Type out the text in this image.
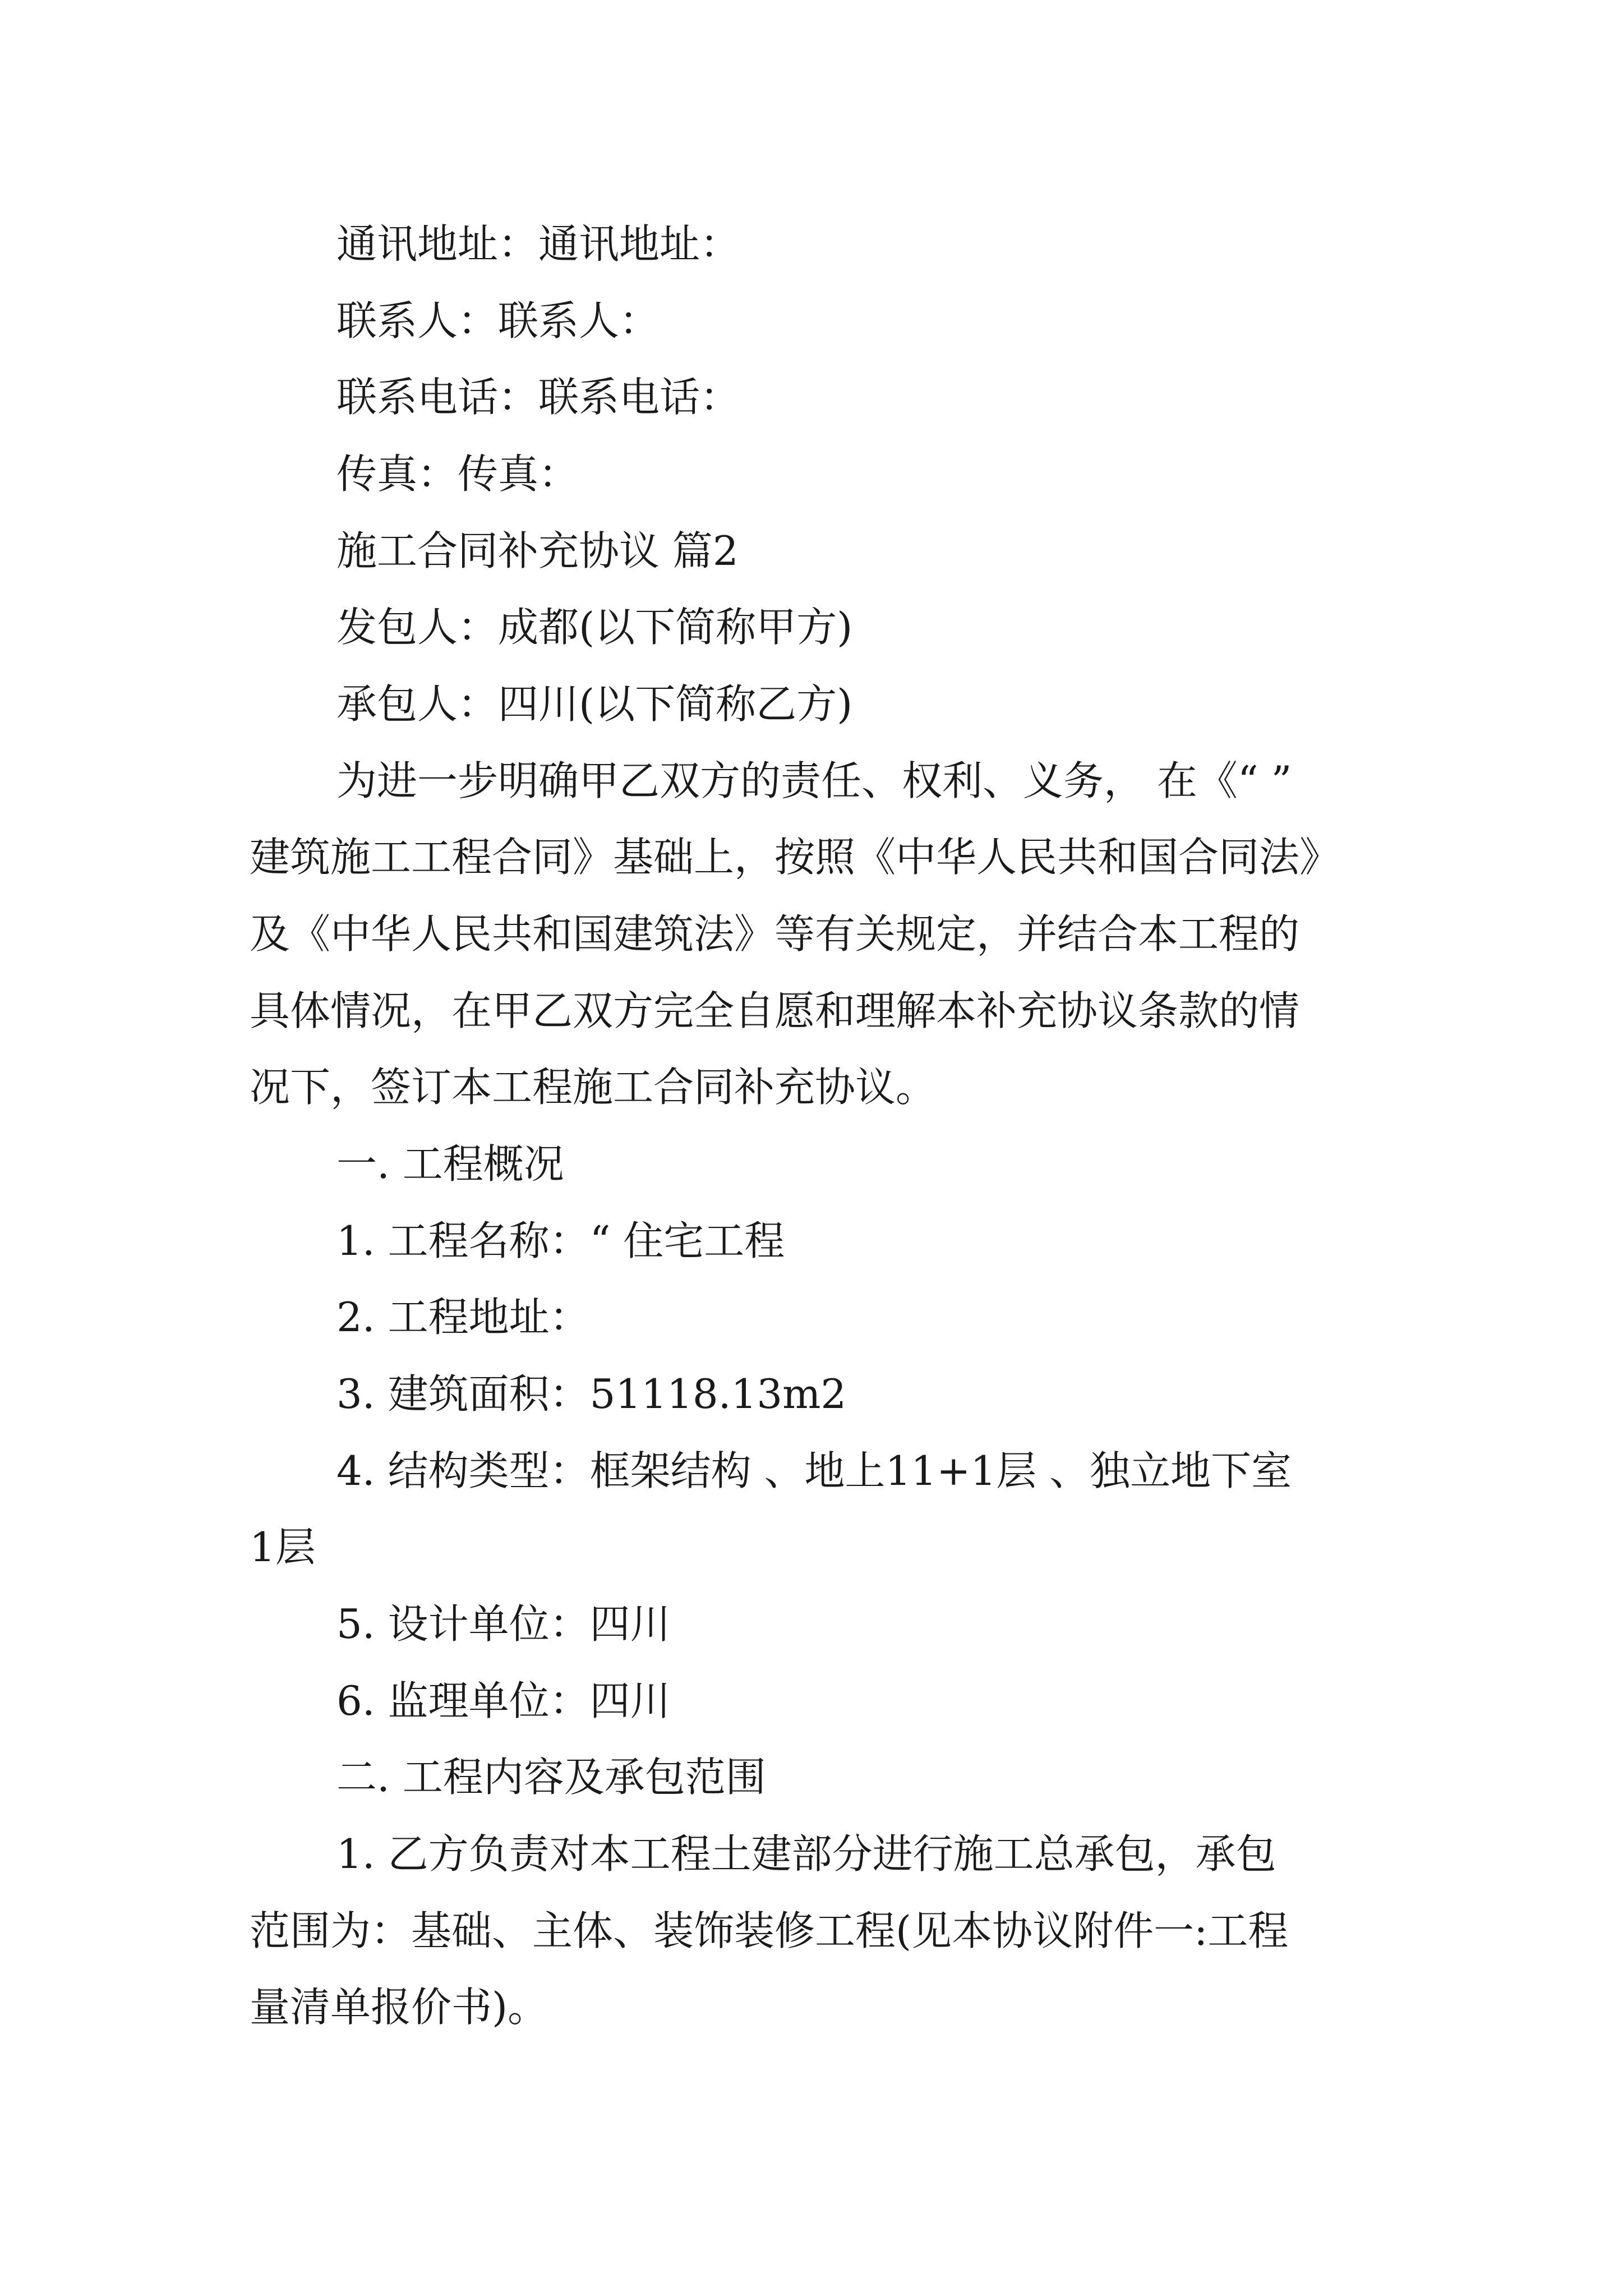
通讯地址：通讯地址：
联系人：联系人：
联系电话：联系电话：
传真：传真：
施工合同补充协议 篇2
发包人：成都(以下简称甲方)
承包人：四川(以下简称乙方)
为进一步明确甲乙双方的责任、权利、义务， 在《“ ”
建筑施工工程合同》基础上，按照《中华人民共和国合同法》
及《中华人民共和国建筑法》等有关规定，并结合本工程的
具体情况，在甲乙双方完全自愿和理解本补充协议条款的情
况下，签订本工程施工合同补充协议。
一. 工程概况
1. 工程名称：“ 住宅工程
2. 工程地址：
3. 建筑面积：51118.13m2
4. 结构类型：框架结构 、地上11+1层 、独立地下室
1层
5. 设计单位：四川
6. 监理单位：四川
二. 工程内容及承包范围
1. 乙方负责对本工程土建部分进行施工总承包，承包
范围为：基础、主体、装饰装修工程(见本协议附件一:工程
量清单报价书)。
